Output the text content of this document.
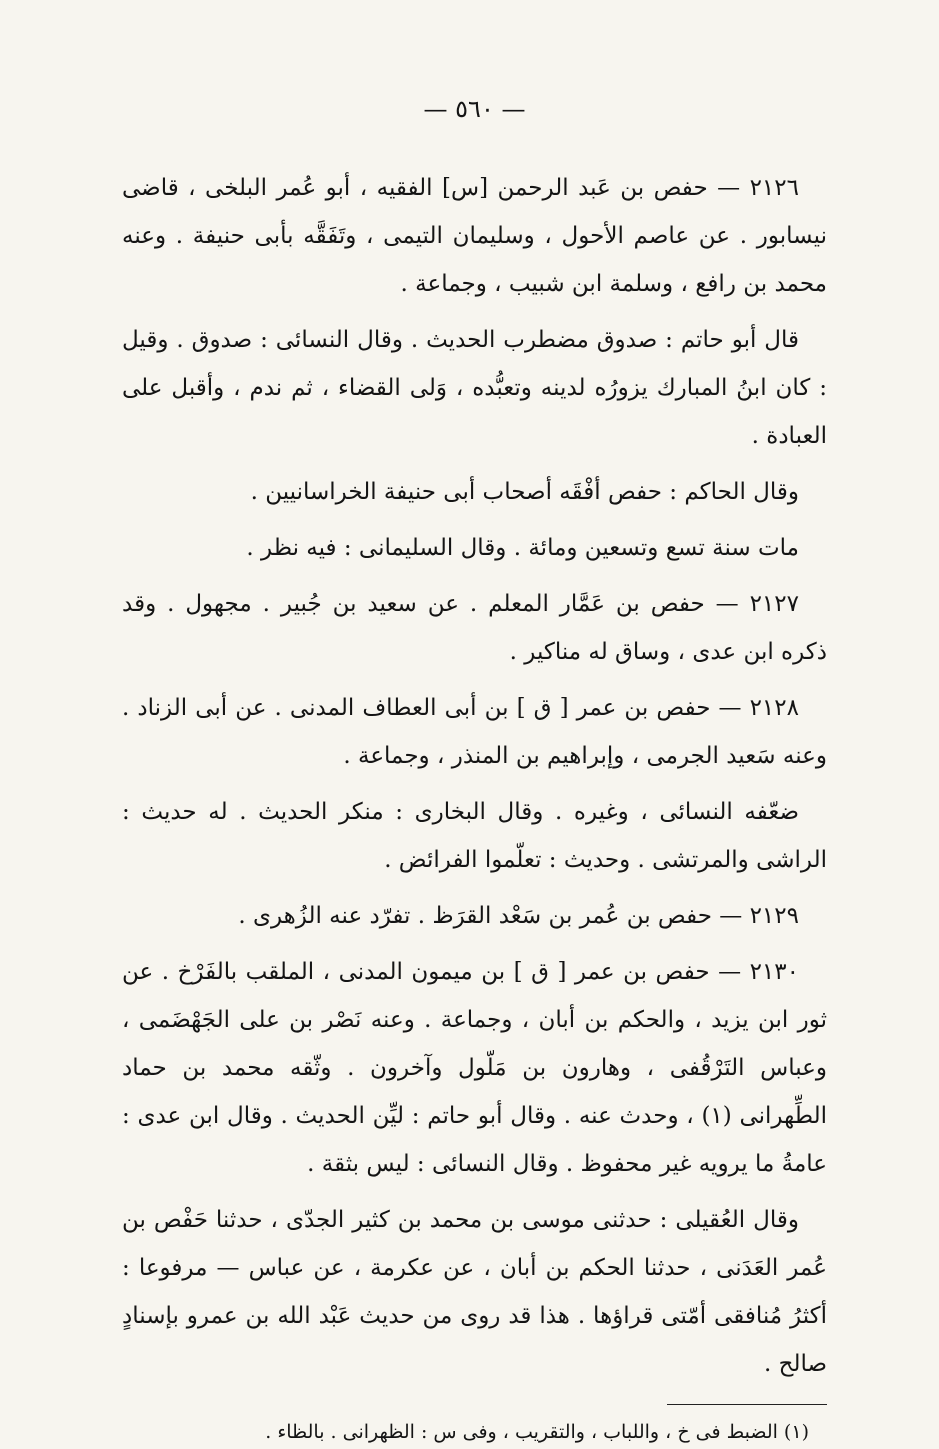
— ٥٦٠ —

٢١٢٦ — حفص بن عَبد الرحمن [س] الفقيه ، أبو عُمر البلخى ، قاضى نيسابور . عن عاصم الأحول ، وسليمان التيمى ، وتَفَقَّه بأبى حنيفة . وعنه محمد بن رافع ، وسلمة ابن شبيب ، وجماعة .

قال أبو حاتم : صدوق مضطرب الحديث . وقال النسائى : صدوق . وقيل : كان ابنُ المبارك يزورُه لدينه وتعبُّده ، وَلى القضاء ، ثم ندم ، وأقبل على العبادة .

وقال الحاكم : حفص أفْقَه أصحاب أبى حنيفة الخراسانيين .

مات سنة تسع وتسعين ومائة . وقال السليمانى : فيه نظر .

٢١٢٧ — حفص بن عَمَّار المعلم . عن سعيد بن جُبير . مجهول . وقد ذكره ابن عدى ، وساق له مناكير .

٢١٢٨ — حفص بن عمر [ ق ] بن أبى العطاف المدنى . عن أبى الزناد . وعنه سَعيد الجرمى ، وإبراهيم بن المنذر ، وجماعة .

ضعّفه النسائى ، وغيره . وقال البخارى : منكر الحديث . له حديث : الراشى والمرتشى . وحديث : تعلّموا الفرائض .

٢١٢٩ — حفص بن عُمر بن سَعْد القرَظ . تفرّد عنه الزُهرى .

٢١٣٠ — حفص بن عمر [ ق ] بن ميمون المدنى ، الملقب بالفَرْخ . عن ثور ابن يزيد ، والحكم بن أبان ، وجماعة . وعنه نَصْر بن على الجَهْضَمى ، وعباس التَرْقُفى ، وهارون بن مَلّول وآخرون . وثّقه محمد بن حماد الطِّهرانى (١) ، وحدث عنه . وقال أبو حاتم : ليِّن الحديث . وقال ابن عدى : عامةُ ما يرويه غير محفوظ . وقال النسائى : ليس بثقة .

وقال العُقيلى : حدثنى موسى بن محمد بن كثير الجدّى ، حدثنا حَفْص بن عُمر العَدَنى ، حدثنا الحكم بن أبان ، عن عكرمة ، عن عباس — مرفوعا : أكثرُ مُنافقى أمّتى قراؤها . هذا قد روى من حديث عَبْد الله بن عمرو بإسنادٍ صالح .

(١) الضبط فى خ ، واللباب ، والتقريب ، وفى س : الظهرانى . بالظاء .
